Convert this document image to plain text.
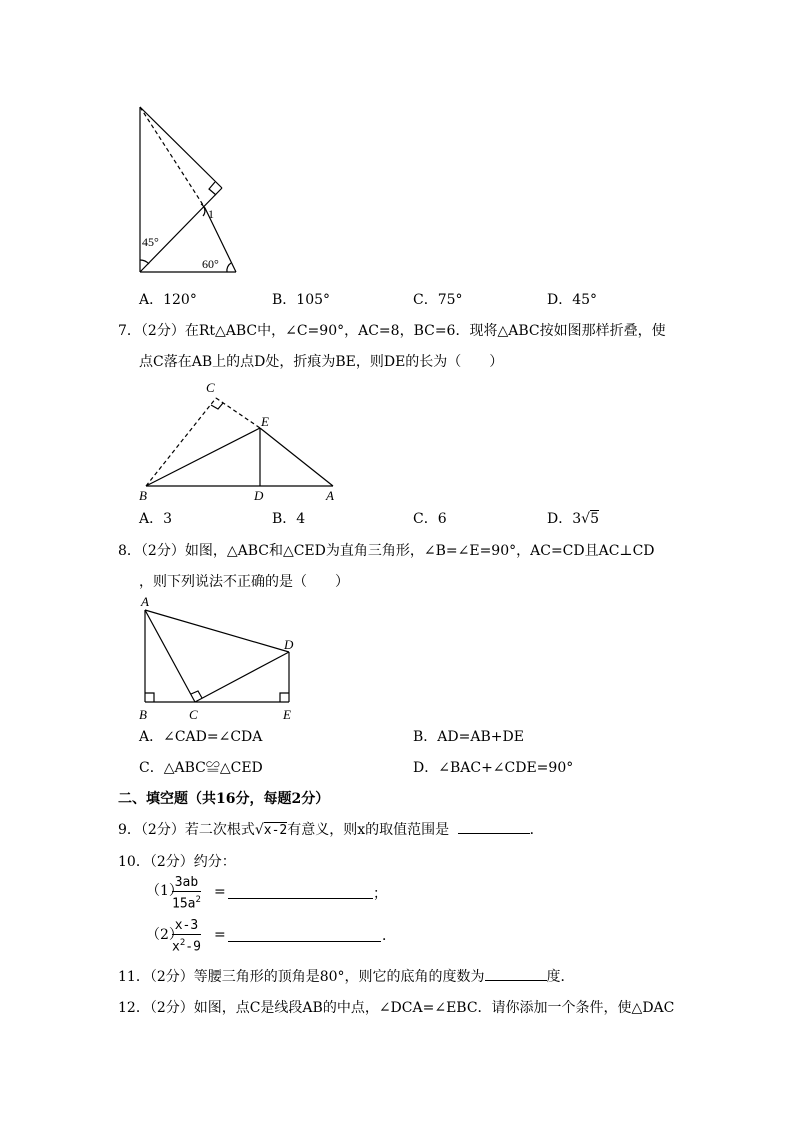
1
45°
60°
A．120°	B．105°	C．75°	D．45°
7．（2分）在Rt△ABC中，∠C=90°，AC=8，BC=6．现将△ABC按如图那样折叠，使
点C落在AB上的点D处，折痕为BE，则DE的长为（　　）
C
E
B	D	A
A．3	B．4	C．6	D．3√5
8．（2分）如图，△ABC和△CED为直角三角形，∠B=∠E=90°，AC=CD且AC⊥CD
，则下列说法不正确的是（　　）
A
D
B	C	E
A．∠CAD=∠CDA	B．AD=AB+DE
C．△ABC≌△CED	D．∠BAC+∠CDE=90°
二、填空题（共16分，每题2分）
9．（2分）若二次根式√x-2有意义，则x的取值范围是	．
10．（2分）约分：
（1）
$\frac{3ab}{15a^2}$ =	；
（2）
$\frac{x-3}{x^2-9}$ =	．
11．（2分）等腰三角形的顶角是80°，则它的底角的度数为	度．
12．（2分）如图，点C是线段AB的中点，∠DCA=∠EBC．请你添加一个条件，使△DAC
